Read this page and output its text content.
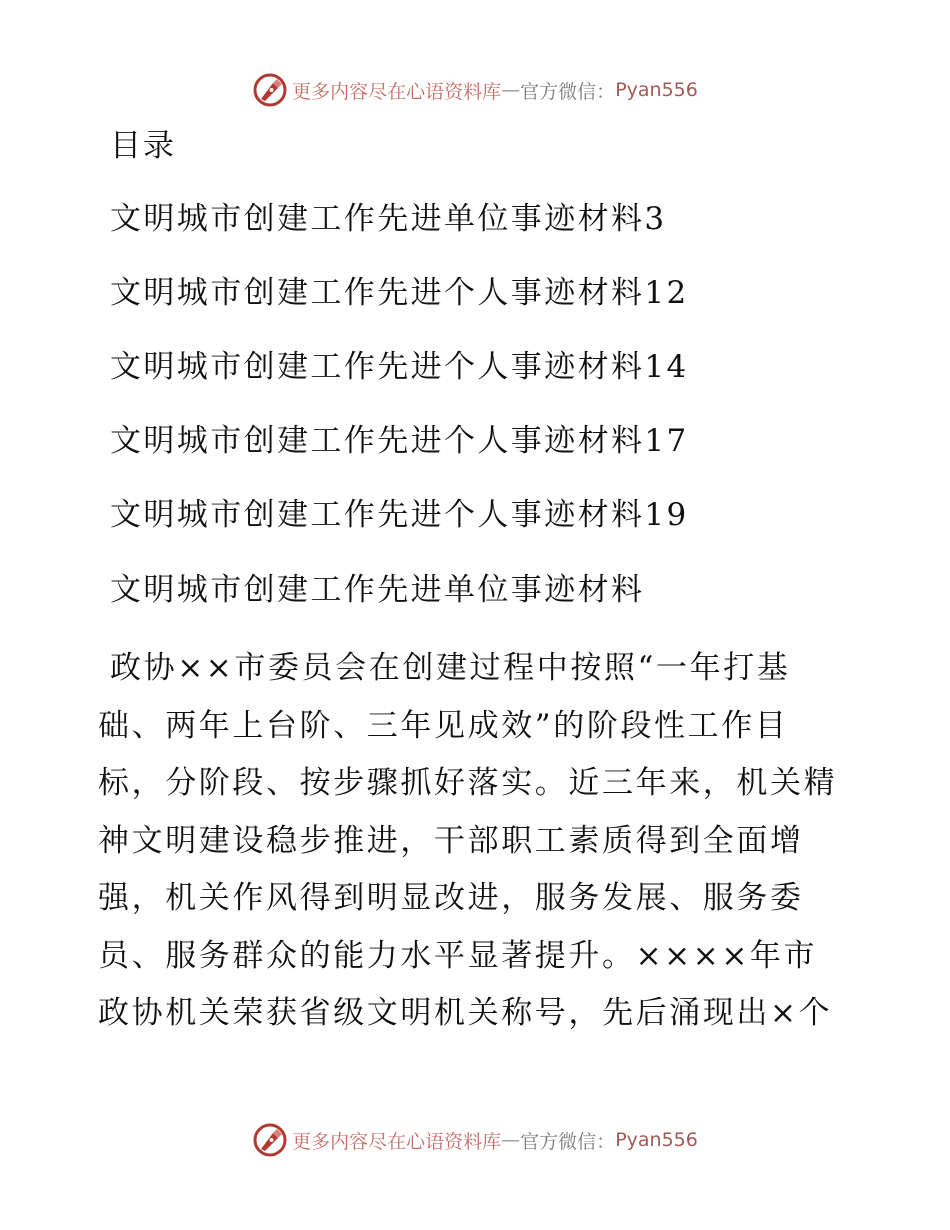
更多内容尽在心语资料库 — 官方微信： Pyan556
目录
文明城市创建工作先进单位事迹材料3
文明城市创建工作先进个人事迹材料12
文明城市创建工作先进个人事迹材料14
文明城市创建工作先进个人事迹材料17
文明城市创建工作先进个人事迹材料19
文明城市创建工作先进单位事迹材料

政协××市委员会在创建过程中按照“一年打基
础、两年上台阶、三年见成效”的阶段性工作目
标，分阶段、按步骤抓好落实。近三年来，机关精
神文明建设稳步推进，干部职工素质得到全面增
强，机关作风得到明显改进，服务发展、服务委
员、服务群众的能力水平显著提升。××××年市
政协机关荣获省级文明机关称号，先后涌现出×个

更多内容尽在心语资料库 — 官方微信： Pyan556
